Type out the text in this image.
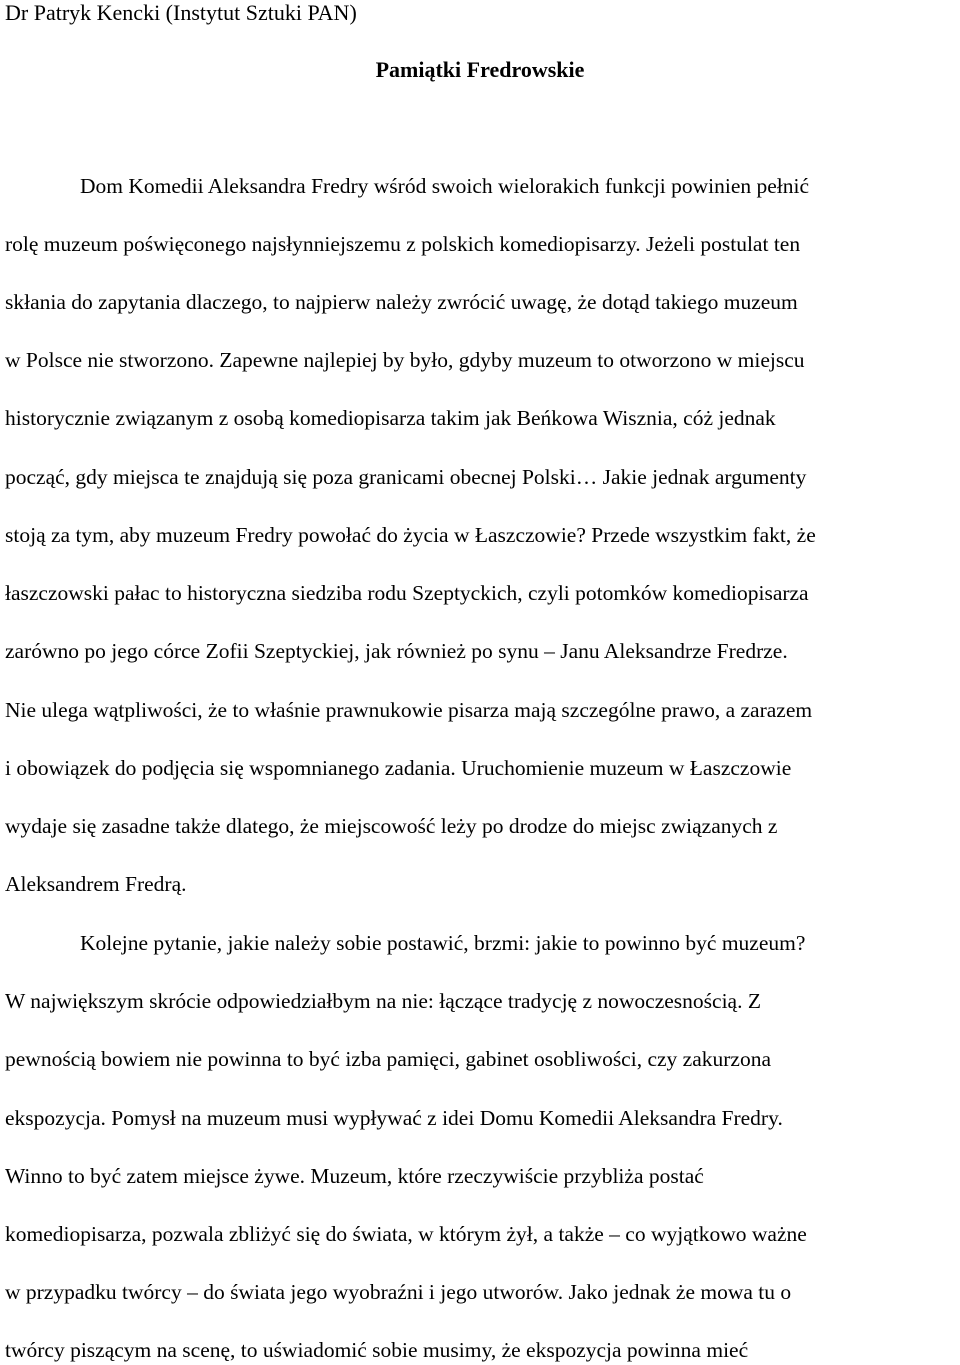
Dr Patryk Kencki (Instytut Sztuki PAN)
Pamiątki Fredrowskie
Dom Komedii Aleksandra Fredry wśród swoich wielorakich funkcji powinien pełnić
rolę muzeum poświęconego najsłynniejszemu z polskich komediopisarzy. Jeżeli postulat ten
skłania do zapytania dlaczego, to najpierw należy zwrócić uwagę, że dotąd takiego muzeum
w Polsce nie stworzono. Zapewne najlepiej by było, gdyby muzeum to otworzono w miejscu
historycznie związanym z osobą komediopisarza takim jak Beńkowa Wisznia, cóż jednak
począć, gdy miejsca te znajdują się poza granicami obecnej Polski… Jakie jednak argumenty
stoją za tym, aby muzeum Fredry powołać do życia w Łaszczowie? Przede wszystkim fakt, że
łaszczowski pałac to historyczna siedziba rodu Szeptyckich, czyli potomków komediopisarza
zarówno po jego córce Zofii Szeptyckiej, jak również po synu – Janu Aleksandrze Fredrze.
Nie ulega wątpliwości, że to właśnie prawnukowie pisarza mają szczególne prawo, a zarazem
i obowiązek do podjęcia się wspomnianego zadania. Uruchomienie muzeum w Łaszczowie
wydaje się zasadne także dlatego, że miejscowość leży po drodze do miejsc związanych z
Aleksandrem Fredrą.
Kolejne pytanie, jakie należy sobie postawić, brzmi: jakie to powinno być muzeum?
W największym skrócie odpowiedziałbym na nie: łączące tradycję z nowoczesnością. Z
pewnością bowiem nie powinna to być izba pamięci, gabinet osobliwości, czy zakurzona
ekspozycja. Pomysł na muzeum musi wypływać z idei Domu Komedii Aleksandra Fredry.
Winno to być zatem miejsce żywe. Muzeum, które rzeczywiście przybliża postać
komediopisarza, pozwala zbliżyć się do świata, w którym żył, a także – co wyjątkowo ważne
w przypadku twórcy – do świata jego wyobraźni i jego utworów. Jako jednak że mowa tu o
twórcy piszącym na scenę, to uświadomić sobie musimy, że ekspozycja powinna mieć
